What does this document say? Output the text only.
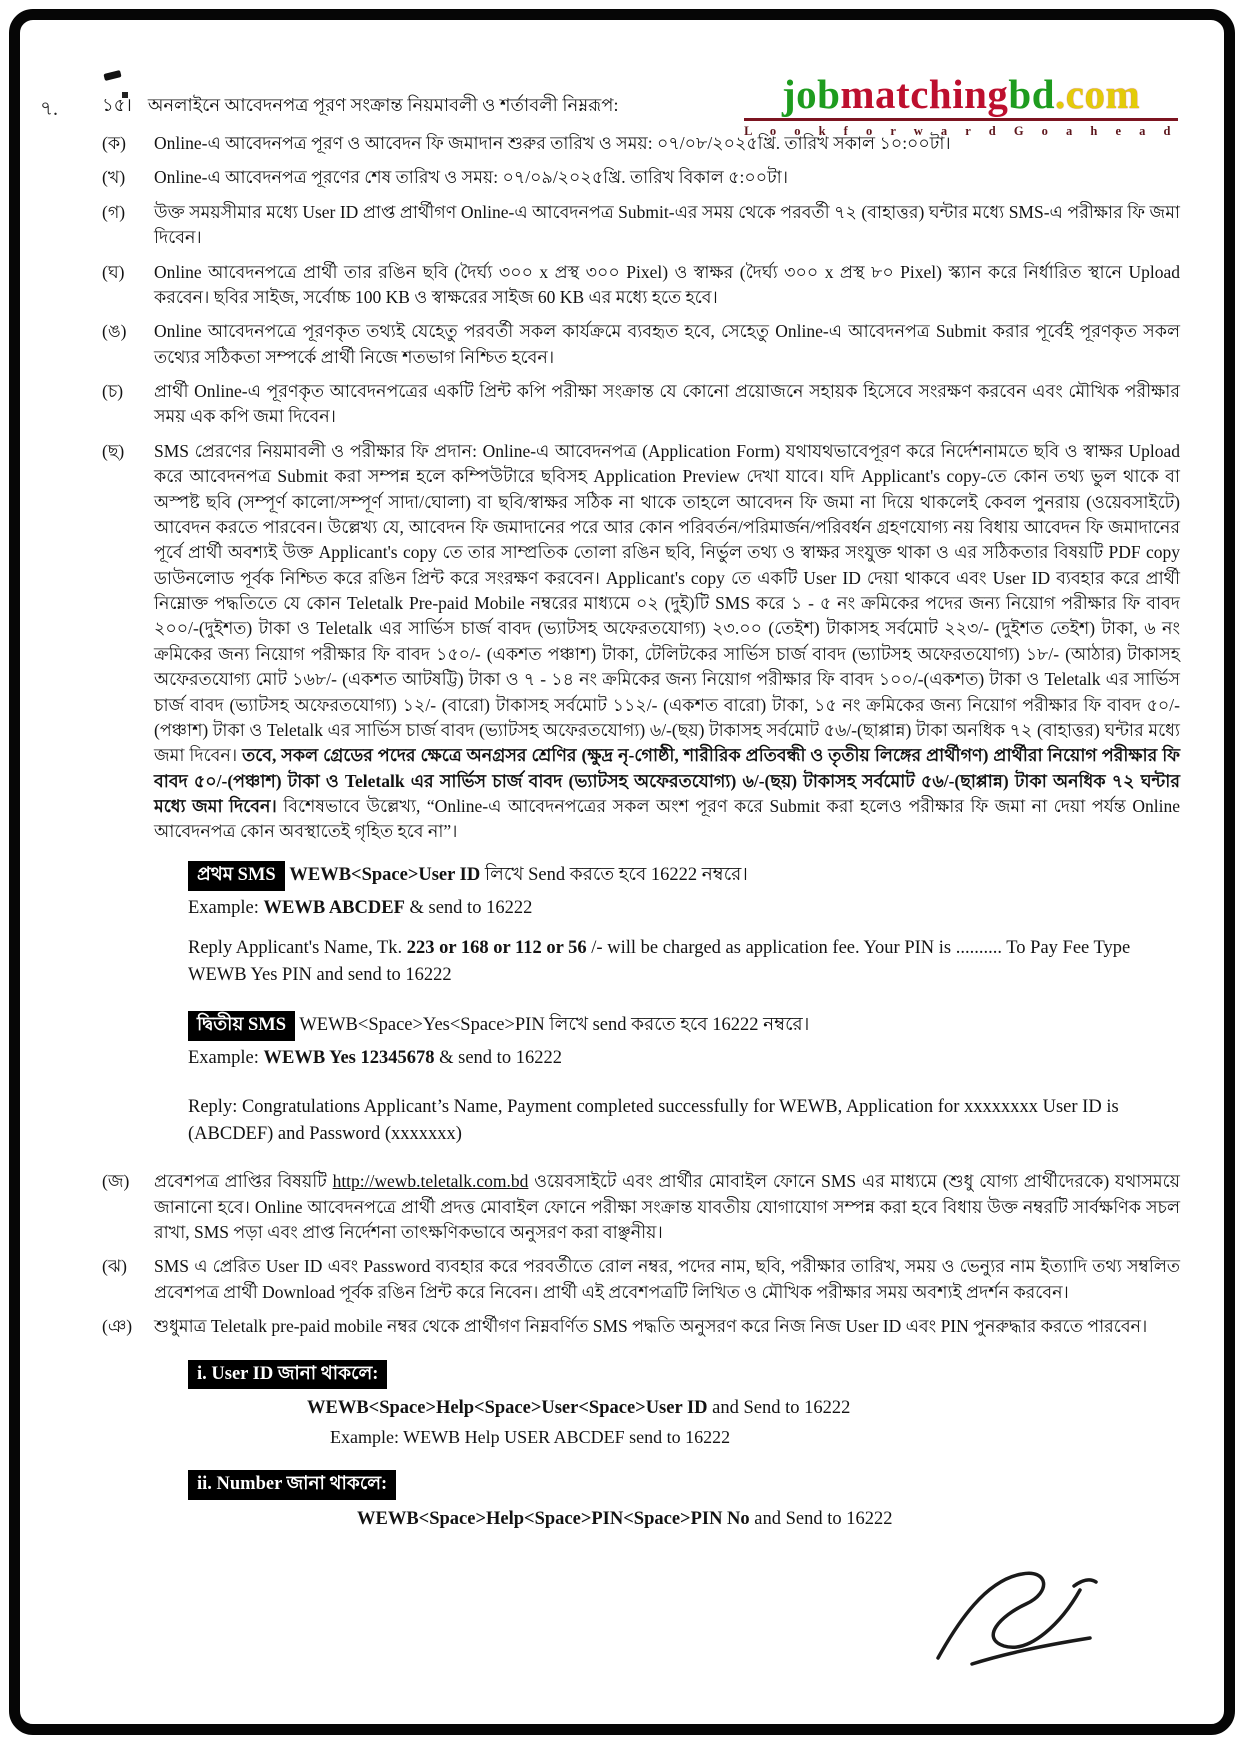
৭.	jobmatchingbd.com
L o o k f o r w a r d G o a h e a d
১৫। অনলাইনে আবেদনপত্র পূরণ সংক্রান্ত নিয়মাবলী ও শর্তাবলী নিম্নরূপ:
(ক)	Online-এ আবেদনপত্র পূরণ ও আবেদন ফি জমাদান শুরুর তারিখ ও সময়: ০৭/০৮/২০২৫খ্রি. তারিখ সকাল ১০:০০টা।
(খ)	Online-এ আবেদনপত্র পূরণের শেষ তারিখ ও সময়: ০৭/০৯/২০২৫খ্রি. তারিখ বিকাল ৫:০০টা।
(গ)	উক্ত সময়সীমার মধ্যে User ID প্রাপ্ত প্রার্থীগণ Online-এ আবেদনপত্র Submit-এর সময় থেকে পরবর্তী ৭২ (বাহাত্তর) ঘন্টার মধ্যে SMS-এ পরীক্ষার ফি জমা দিবেন।
(ঘ)	Online আবেদনপত্রে প্রার্থী তার রঙিন ছবি (দৈর্ঘ্য ৩০০ x প্রস্থ ৩০০ Pixel) ও স্বাক্ষর (দৈর্ঘ্য ৩০০ x প্রস্থ ৮০ Pixel) স্ক্যান করে নির্ধারিত স্থানে Upload করবেন। ছবির সাইজ, সর্বোচ্চ 100 KB ও স্বাক্ষরের সাইজ 60 KB এর মধ্যে হতে হবে।
(ঙ)	Online আবেদনপত্রে পূরণকৃত তথ্যই যেহেতু পরবর্তী সকল কার্যক্রমে ব্যবহৃত হবে, সেহেতু Online-এ আবেদনপত্র Submit করার পূর্বেই পূরণকৃত সকল তথ্যের সঠিকতা সম্পর্কে প্রার্থী নিজে শতভাগ নিশ্চিত হবেন।
(চ)	প্রার্থী Online-এ পূরণকৃত আবেদনপত্রের একটি প্রিন্ট কপি পরীক্ষা সংক্রান্ত যে কোনো প্রয়োজনে সহায়ক হিসেবে সংরক্ষণ করবেন এবং মৌখিক পরীক্ষার সময় এক কপি জমা দিবেন।
(ছ)	SMS প্রেরণের নিয়মাবলী ও পরীক্ষার ফি প্রদান: Online-এ আবেদনপত্র (Application Form) যথাযথভাবেপূরণ করে নির্দেশনামতে ছবি ও স্বাক্ষর Upload করে আবেদনপত্র Submit করা সম্পন্ন হলে কম্পিউটারে ছবিসহ Application Preview দেখা যাবে। যদি Applicant's copy-তে কোন তথ্য ভুল থাকে বা অস্পষ্ট ছবি (সম্পূর্ণ কালো/সম্পূর্ণ সাদা/ঘোলা) বা ছবি/স্বাক্ষর সঠিক না থাকে তাহলে আবেদন ফি জমা না দিয়ে থাকলেই কেবল পুনরায় (ওয়েবসাইটে) আবেদন করতে পারবেন। উল্লেখ্য যে, আবেদন ফি জমাদানের পরে আর কোন পরিবর্তন/পরিমার্জন/পরিবর্ধন গ্রহণযোগ্য নয় বিধায় আবেদন ফি জমাদানের পূর্বে প্রার্থী অবশ্যই উক্ত Applicant's copy তে তার সাম্প্রতিক তোলা রঙিন ছবি, নির্ভুল তথ্য ও স্বাক্ষর সংযুক্ত থাকা ও এর সঠিকতার বিষয়টি PDF copy ডাউনলোড পূর্বক নিশ্চিত করে রঙিন প্রিন্ট করে সংরক্ষণ করবেন। Applicant's copy তে একটি User ID দেয়া থাকবে এবং User ID ব্যবহার করে প্রার্থী নিম্নোক্ত পদ্ধতিতে যে কোন Teletalk Pre-paid Mobile নম্বরের মাধ্যমে ০২ (দুই)টি SMS করে ১ - ৫ নং ক্রমিকের পদের জন্য নিয়োগ পরীক্ষার ফি বাবদ ২০০/-(দুইশত) টাকা ও Teletalk এর সার্ভিস চার্জ বাবদ (ভ্যাটসহ অফেরতযোগ্য) ২৩.০০ (তেইশ) টাকাসহ সর্বমোট ২২৩/- (দুইশত তেইশ) টাকা, ৬ নং ক্রমিকের জন্য নিয়োগ পরীক্ষার ফি বাবদ ১৫০/- (একশত পঞ্চাশ) টাকা, টেলিটকের সার্ভিস চার্জ বাবদ (ভ্যাটসহ অফেরতযোগ্য) ১৮/- (আঠার) টাকাসহ অফেরতযোগ্য মোট ১৬৮/- (একশত আটষট্টি) টাকা ও ৭ - ১৪ নং ক্রমিকের জন্য নিয়োগ পরীক্ষার ফি বাবদ ১০০/-(একশত) টাকা ও Teletalk এর সার্ভিস চার্জ বাবদ (ভ্যাটসহ অফেরতযোগ্য) ১২/- (বারো) টাকাসহ সর্বমোট ১১২/- (একশত বারো) টাকা, ১৫ নং ক্রমিকের জন্য নিয়োগ পরীক্ষার ফি বাবদ ৫০/-(পঞ্চাশ) টাকা ও Teletalk এর সার্ভিস চার্জ বাবদ (ভ্যাটসহ অফেরতযোগ্য) ৬/-(ছয়) টাকাসহ সর্বমোট ৫৬/-(ছাপ্পান্ন) টাকা অনধিক ৭২ (বাহাত্তর) ঘন্টার মধ্যে জমা দিবেন। তবে, সকল গ্রেডের পদের ক্ষেত্রে অনগ্রসর শ্রেণির (ক্ষুদ্র নৃ-গোষ্ঠী, শারীরিক প্রতিবন্ধী ও তৃতীয় লিঙ্গের প্রার্থীগণ) প্রার্থীরা নিয়োগ পরীক্ষার ফি বাবদ ৫০/-(পঞ্চাশ) টাকা ও Teletalk এর সার্ভিস চার্জ বাবদ (ভ্যাটসহ অফেরতযোগ্য) ৬/-(ছয়) টাকাসহ সর্বমোট ৫৬/-(ছাপ্পান্ন) টাকা অনধিক ৭২ ঘন্টার মধ্যে জমা দিবেন। বিশেষভাবে উল্লেখ্য, “Online-এ আবেদনপত্রের সকল অংশ পূরণ করে Submit করা হলেও পরীক্ষার ফি জমা না দেয়া পর্যন্ত Online আবেদনপত্র কোন অবস্থাতেই গৃহিত হবে না”।
প্রথম SMS WEWB<Space>User ID লিখে Send করতে হবে 16222 নম্বরে।
Example: WEWB ABCDEF & send to 16222
Reply Applicant's Name, Tk. 223 or 168 or 112 or 56 /- will be charged as application fee. Your PIN is .......... To Pay Fee Type WEWB Yes PIN and send to 16222
দ্বিতীয় SMS WEWB<Space>Yes<Space>PIN লিখে send করতে হবে 16222 নম্বরে।
Example: WEWB Yes 12345678 & send to 16222
Reply: Congratulations Applicant’s Name, Payment completed successfully for WEWB, Application for xxxxxxxx User ID is (ABCDEF) and Password (xxxxxxx)
(জ)	প্রবেশপত্র প্রাপ্তির বিষয়টি http://wewb.teletalk.com.bd ওয়েবসাইটে এবং প্রার্থীর মোবাইল ফোনে SMS এর মাধ্যমে (শুধু যোগ্য প্রার্থীদেরকে) যথাসময়ে জানানো হবে। Online আবেদনপত্রে প্রার্থী প্রদত্ত মোবাইল ফোনে পরীক্ষা সংক্রান্ত যাবতীয় যোগাযোগ সম্পন্ন করা হবে বিধায় উক্ত নম্বরটি সার্বক্ষণিক সচল রাখা, SMS পড়া এবং প্রাপ্ত নির্দেশনা তাৎক্ষণিকভাবে অনুসরণ করা বাঞ্ছনীয়।
(ঝ)	SMS এ প্রেরিত User ID এবং Password ব্যবহার করে পরবর্তীতে রোল নম্বর, পদের নাম, ছবি, পরীক্ষার তারিখ, সময় ও ভেন্যুর নাম ইত্যাদি তথ্য সম্বলিত প্রবেশপত্র প্রার্থী Download পূর্বক রঙিন প্রিন্ট করে নিবেন। প্রার্থী এই প্রবেশপত্রটি লিখিত ও মৌখিক পরীক্ষার সময় অবশ্যই প্রদর্শন করবেন।
(ঞ)	শুধুমাত্র Teletalk pre-paid mobile নম্বর থেকে প্রার্থীগণ নিম্নবর্ণিত SMS পদ্ধতি অনুসরণ করে নিজ নিজ User ID এবং PIN পুনরুদ্ধার করতে পারবেন।
i. User ID জানা থাকলে:
WEWB<Space>Help<Space>User<Space>User ID and Send to 16222
Example: WEWB Help USER ABCDEF send to 16222
ii. Number জানা থাকলে:
WEWB<Space>Help<Space>PIN<Space>PIN No and Send to 16222
